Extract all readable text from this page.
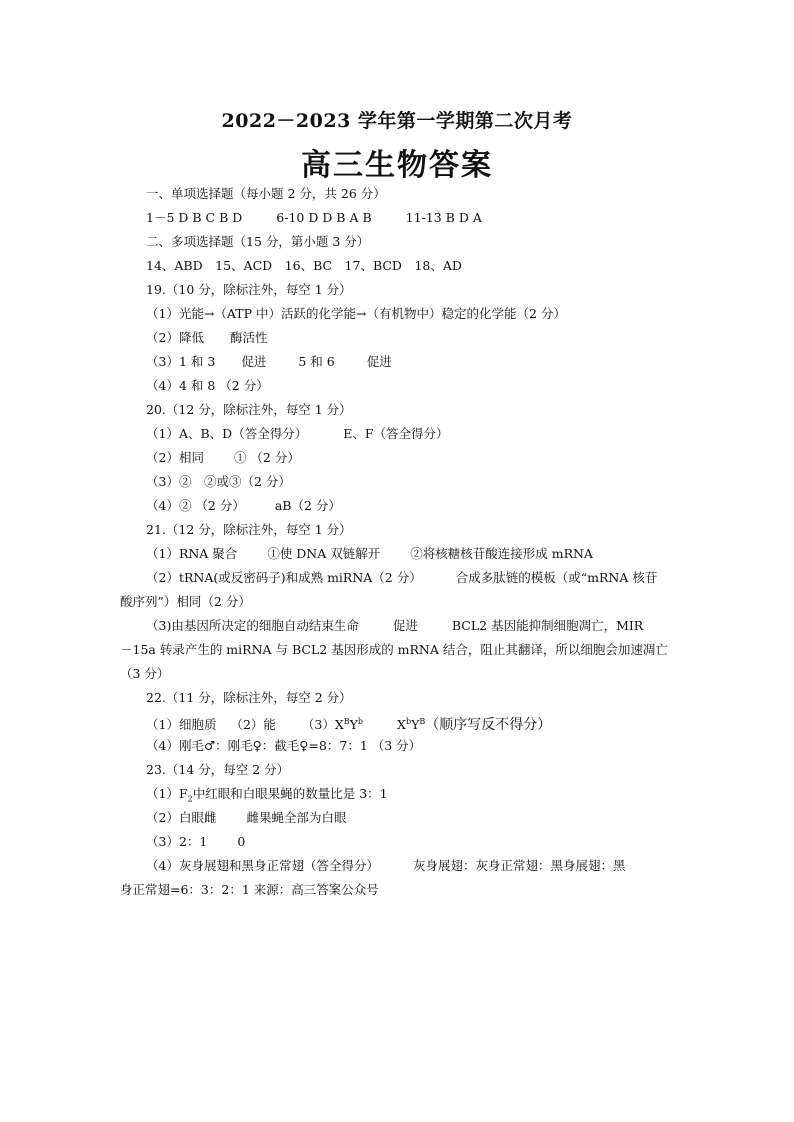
2022－2023 学年第一学期第二次月考
高三生物答案
一、单项选择题（每小题 2 分，共 26 分）
1－5 D B C B D	6-10 D D B A B	11-13 B D A
二、多项选择题（15 分，第小题 3 分）
14、ABD　15、ACD　16、BC　17、BCD　18、AD
19.（10 分，除标注外，每空 1 分）
（1）光能→（ATP 中）活跃的化学能→（有机物中）稳定的化学能（2 分）
（2）降低 酶活性
（3）1 和 3 促进	5 和 6	促进
（4）4 和 8 （2 分）
20.（12 分，除标注外，每空 1 分）
（1）A、B、D（答全得分）	E、F（答全得分）
（2）相同 ① （2 分）
（3）②　②或③（2 分）
（4）② （2 分） aB（2 分）
21.（12 分，除标注外，每空 1 分）
（1）RNA 聚合 ①使 DNA 双链解开 ②将核糖核苷酸连接形成 mRNA
（2）tRNA(或反密码子)和成熟 miRNA（2 分）	合成多肽链的模板（或“mRNA 核苷
酸序列”）相同（2 分）
（3)由基因所决定的细胞自动结束生命	促进	BCL2 基因能抑制细胞凋亡，MIR
－15a 转录产生的 miRNA 与 BCL2 基因形成的 mRNA 结合，阻止其翻译，所以细胞会加速凋亡
（3 分）
22.（11 分，除标注外，每空 2 分）
（1）细胞质 （2）能 $(3)X^BY^b$	$X^bY^B$（顺序写反不得分）
（4）刚毛♂：刚毛♀：截毛♀=8：7：1 （3 分）
23.（14 分，每空 2 分）
$(1)F_2$中红眼和白眼果蝇的数量比是 3：1
（2）白眼雌 雌果蝇全部为白眼
（3）2：1 0
（4）灰身展翅和黑身正常翅（答全得分）	灰身展翅：灰身正常翅：黑身展翅：黑
身正常翅=6：3：2：1 来源：高三答案公众号
